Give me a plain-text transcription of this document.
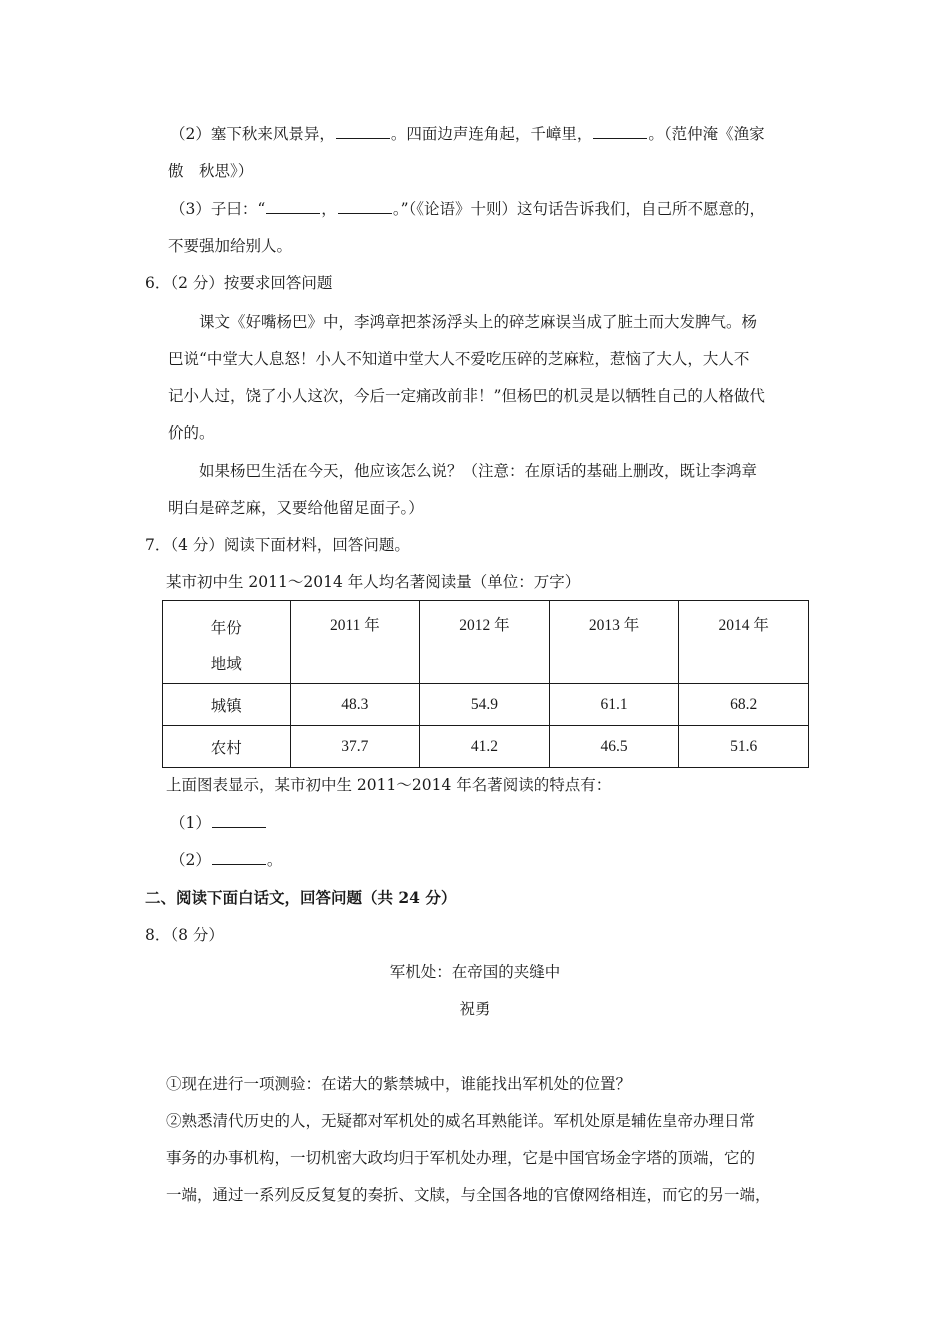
（2）塞下秋来风景异，	。四面边声连角起，千嶂里，	。（范仲淹《渔家
傲　秋思》）
（3）子曰：“	，	。”（《论语》十则）这句话告诉我们，自己所不愿意的，
不要强加给别人。
6．（2 分）按要求回答问题
课文《好嘴杨巴》中，李鸿章把茶汤浮头上的碎芝麻误当成了脏土而大发脾气。杨
巴说“中堂大人息怒！小人不知道中堂大人不爱吃压碎的芝麻粒，惹恼了大人，大人不
记小人过，饶了小人这次，今后一定痛改前非！”但杨巴的机灵是以牺牲自己的人格做代
价的。
如果杨巴生活在今天，他应该怎么说？（注意：在原话的基础上删改，既让李鸿章
明白是碎芝麻，又要给他留足面子。）
7．（4 分）阅读下面材料，回答问题。
某市初中生 2011～2014 年人均名著阅读量（单位：万字）
年份
地域	2011 年	2012 年	2013 年	2014 年

城镇	48.3	54.9	61.1	68.2
农村	37.7	41.2	46.5	51.6
上面图表显示，某市初中生 2011～2014 年名著阅读的特点有：
（1）
（2）	。
二、阅读下面白话文，回答问题（共 24 分）
8．（8 分）
军机处：在帝国的夹缝中
祝勇
①现在进行一项测验：在诺大的紫禁城中，谁能找出军机处的位置？
②熟悉清代历史的人，无疑都对军机处的威名耳熟能详。军机处原是辅佐皇帝办理日常
事务的办事机构，一切机密大政均归于军机处办理，它是中国官场金字塔的顶端，它的
一端，通过一系列反反复复的奏折、文牍，与全国各地的官僚网络相连，而它的另一端，
